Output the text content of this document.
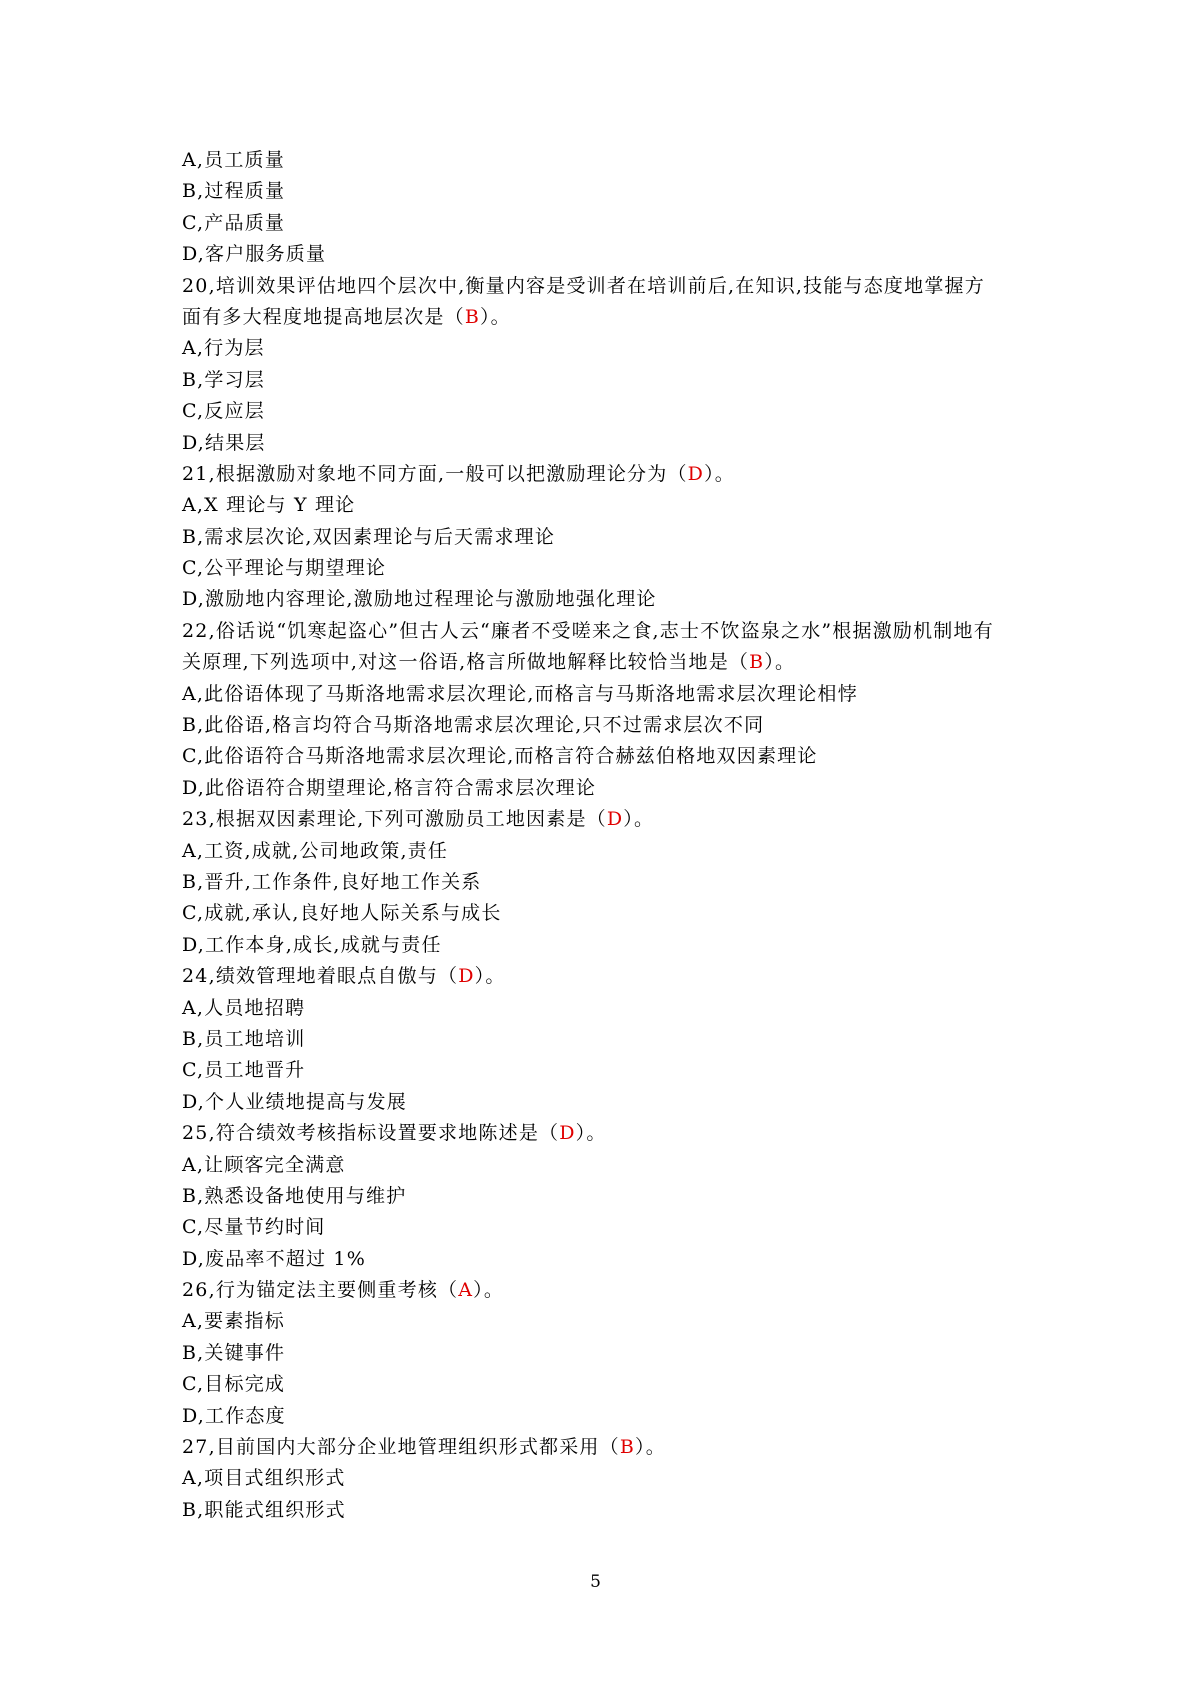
A,员工质量
B,过程质量
C,产品质量
D,客户服务质量
20,培训效果评估地四个层次中,衡量内容是受训者在培训前后,在知识,技能与态度地掌握方
面有多大程度地提高地层次是（B）。
A,行为层
B,学习层
C,反应层
D,结果层
21,根据激励对象地不同方面,一般可以把激励理论分为（D）。
A,X 理论与 Y 理论
B,需求层次论,双因素理论与后天需求理论
C,公平理论与期望理论
D,激励地内容理论,激励地过程理论与激励地强化理论
22,俗话说“饥寒起盗心”但古人云“廉者不受嗟来之食,志士不饮盗泉之水”根据激励机制地有
关原理,下列选项中,对这一俗语,格言所做地解释比较恰当地是（B）。
A,此俗语体现了马斯洛地需求层次理论,而格言与马斯洛地需求层次理论相悖
B,此俗语,格言均符合马斯洛地需求层次理论,只不过需求层次不同
C,此俗语符合马斯洛地需求层次理论,而格言符合赫兹伯格地双因素理论
D,此俗语符合期望理论,格言符合需求层次理论
23,根据双因素理论,下列可激励员工地因素是（D）。
A,工资,成就,公司地政策,责任
B,晋升,工作条件,良好地工作关系
C,成就,承认,良好地人际关系与成长
D,工作本身,成长,成就与责任
24,绩效管理地着眼点自傲与（D）。
A,人员地招聘
B,员工地培训
C,员工地晋升
D,个人业绩地提高与发展
25,符合绩效考核指标设置要求地陈述是（D）。
A,让顾客完全满意
B,熟悉设备地使用与维护
C,尽量节约时间
D,废品率不超过 1%
26,行为锚定法主要侧重考核（A）。
A,要素指标
B,关键事件
C,目标完成
D,工作态度
27,目前国内大部分企业地管理组织形式都采用（B）。
A,项目式组织形式
B,职能式组织形式
5
